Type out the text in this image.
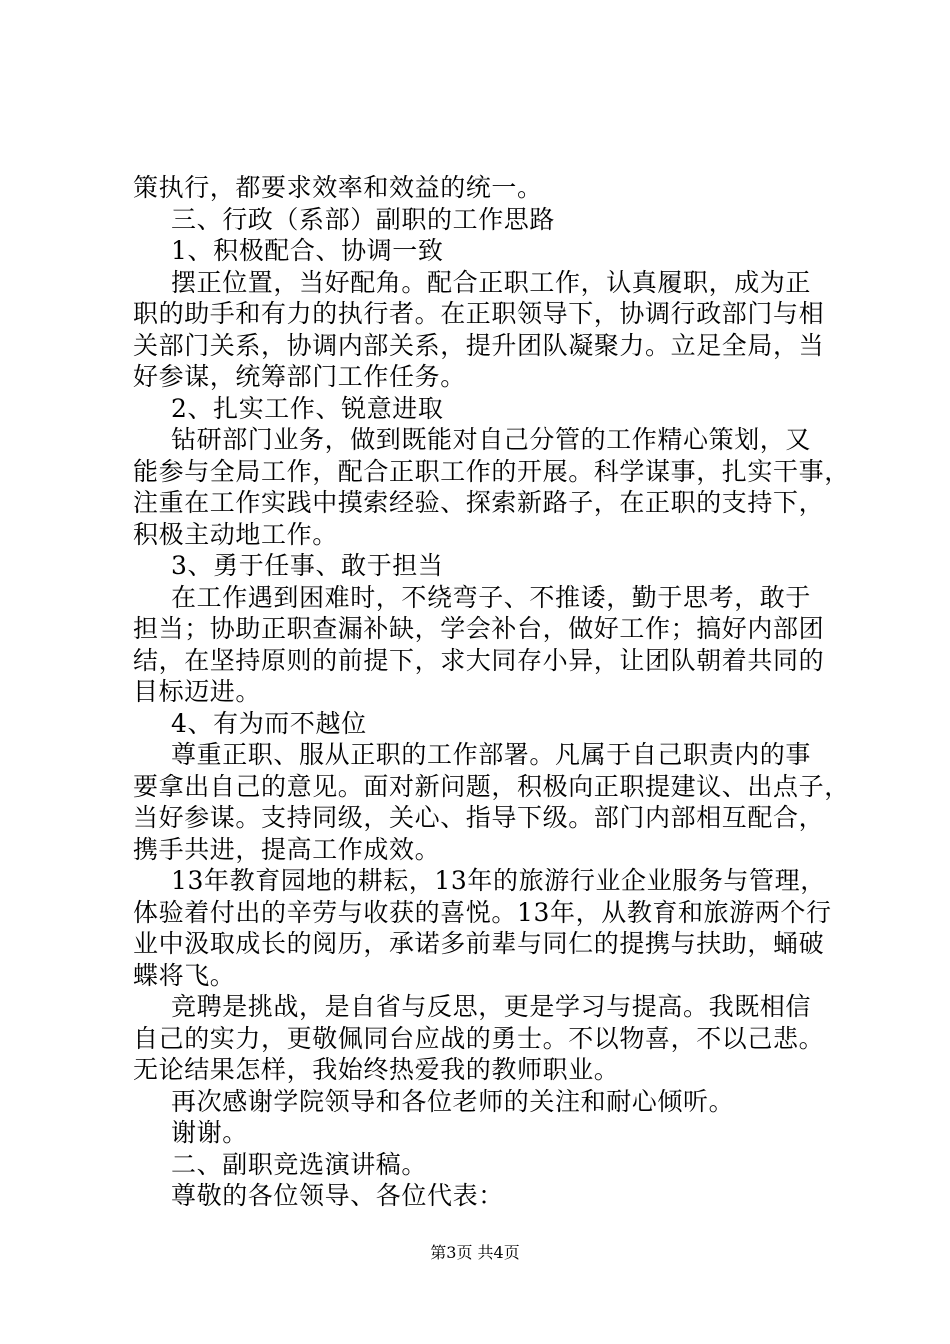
策执行，都要求效率和效益的统一。
三、行政（系部）副职的工作思路
1、积极配合、协调一致
摆正位置，当好配角。配合正职工作，认真履职，成为正
职的助手和有力的执行者。在正职领导下，协调行政部门与相
关部门关系，协调内部关系，提升团队凝聚力。立足全局，当
好参谋，统筹部门工作任务。
2、扎实工作、锐意进取
钻研部门业务，做到既能对自己分管的工作精心策划，又
能参与全局工作，配合正职工作的开展。科学谋事，扎实干事，
注重在工作实践中摸索经验、探索新路子，在正职的支持下，
积极主动地工作。
3、勇于任事、敢于担当
在工作遇到困难时，不绕弯子、不推诿，勤于思考，敢于
担当；协助正职查漏补缺，学会补台，做好工作；搞好内部团
结，在坚持原则的前提下，求大同存小异，让团队朝着共同的
目标迈进。
4、有为而不越位
尊重正职、服从正职的工作部署。凡属于自己职责内的事
要拿出自己的意见。面对新问题，积极向正职提建议、出点子，
当好参谋。支持同级，关心、指导下级。部门内部相互配合，
携手共进，提高工作成效。
13年教育园地的耕耘，13年的旅游行业企业服务与管理，
体验着付出的辛劳与收获的喜悦。13年，从教育和旅游两个行
业中汲取成长的阅历，承诺多前辈与同仁的提携与扶助，蛹破
蝶将飞。
竞聘是挑战，是自省与反思，更是学习与提高。我既相信
自己的实力，更敬佩同台应战的勇士。不以物喜，不以己悲。
无论结果怎样，我始终热爱我的教师职业。
再次感谢学院领导和各位老师的关注和耐心倾听。
谢谢。
二、副职竞选演讲稿。
尊敬的各位领导、各位代表：
第3页 共4页
